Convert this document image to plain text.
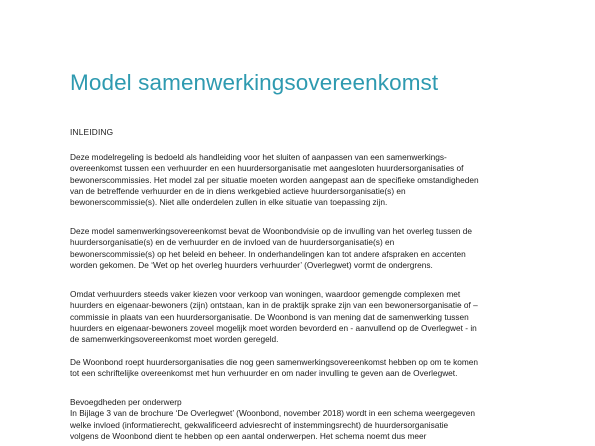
Model samenwerkingsovereenkomst
INLEIDING
Deze modelregeling is bedoeld als handleiding voor het sluiten of aanpassen van een samenwerkings-
overeenkomst tussen een verhuurder en een huurdersorganisatie met aangesloten huurdersorganisaties of
bewonerscommissies. Het model zal per situatie moeten worden aangepast aan de specifieke omstandigheden
van de betreffende verhuurder en de in diens werkgebied actieve huurdersorganisatie(s) en
bewonerscommissie(s). Niet alle onderdelen zullen in elke situatie van toepassing zijn.
Deze model samenwerkingsovereenkomst bevat de Woonbondvisie op de invulling van het overleg tussen de
huurdersorganisatie(s) en de verhuurder en de invloed van de huurdersorganisatie(s) en
bewonerscommissie(s) op het beleid en beheer. In onderhandelingen kan tot andere afspraken en accenten
worden gekomen. De ‘Wet op het overleg huurders verhuurder’ (Overlegwet) vormt de ondergrens.
Omdat verhuurders steeds vaker kiezen voor verkoop van woningen, waardoor gemengde complexen met
huurders en eigenaar-bewoners (zijn) ontstaan, kan in de praktijk sprake zijn van een bewonersorganisatie of –
commissie in plaats van een huurdersorganisatie. De Woonbond is van mening dat de samenwerking tussen
huurders en eigenaar-bewoners zoveel mogelijk moet worden bevorderd en - aanvullend op de Overlegwet - in
de samenwerkingsovereenkomst moet worden geregeld.
De Woonbond roept huurdersorganisaties die nog geen samenwerkingsovereenkomst hebben op om te komen
tot een schriftelijke overeenkomst met hun verhuurder en om nader invulling te geven aan de Overlegwet.
Bevoegdheden per onderwerp
In Bijlage 3 van de brochure ‘De Overlegwet’ (Woonbond, november 2018) wordt in een schema weergegeven
welke invloed (informatierecht, gekwalificeerd adviesrecht of instemmingsrecht) de huurdersorganisatie
volgens de Woonbond dient te hebben op een aantal onderwerpen. Het schema noemt dus meer
